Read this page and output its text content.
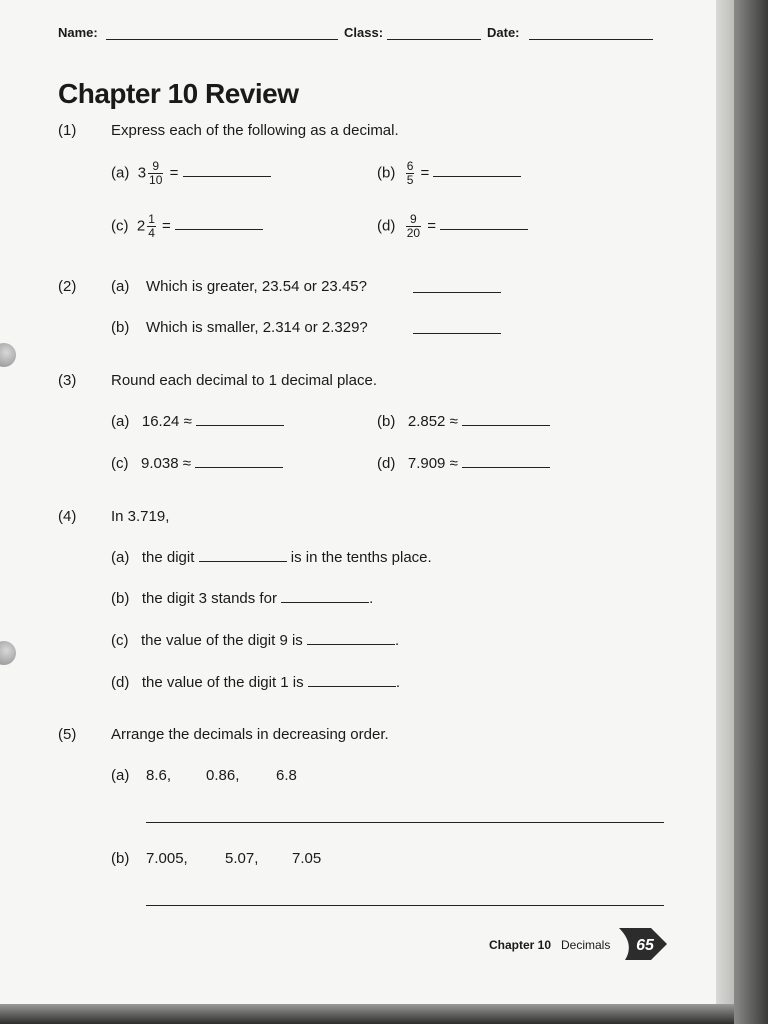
Name:	Class:	Date:
Chapter 10 Review
(1) Express each of the following as a decimal.
(a) $3 \frac{9}{10}$ =	$(b) \frac{6}{5}$ =
(c) $2 \frac{1}{4}$ =	$(d) \frac{9}{20}$ =
(2) (a) Which is greater, 23.54 or 23.45?
(b) Which is smaller, 2.314 or 2.329?
(3) Round each decimal to 1 decimal place.
(a) 16.24 ≈	(b) 2.852 ≈
(c) 9.038 ≈	(d) 7.909 ≈
(4) In 3.719,
(a) the digit	is in the tenths place.
(b) the digit 3 stands for	.
(c) the value of the digit 9 is	.
(d) the value of the digit 1 is	.
(5) Arrange the decimals in decreasing order.
(a) 8.6, 0.86, 6.8
(b) 7.005, 5.07, 7.05
Chapter 10 Decimals 65
